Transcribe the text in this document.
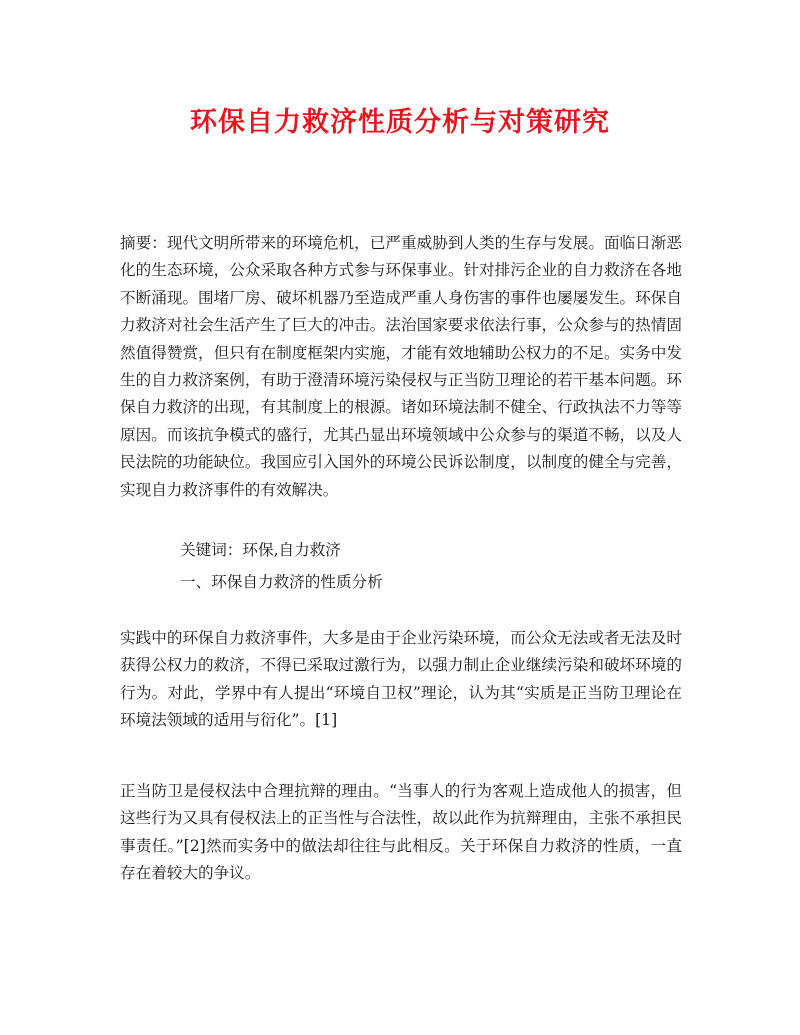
环保自力救济性质分析与对策研究
摘要：现代文明所带来的环境危机，已严重威胁到人类的生存与发展。面临日渐恶化的生态环境，公众采取各种方式参与环保事业。针对排污企业的自力救济在各地不断涌现。围堵厂房、破坏机器乃至造成严重人身伤害的事件也屡屡发生。环保自力救济对社会生活产生了巨大的冲击。法治国家要求依法行事，公众参与的热情固然值得赞赏，但只有在制度框架内实施，才能有效地辅助公权力的不足。实务中发生的自力救济案例，有助于澄清环境污染侵权与正当防卫理论的若干基本问题。环保自力救济的出现，有其制度上的根源。诸如环境法制不健全、行政执法不力等等原因。而该抗争模式的盛行，尤其凸显出环境领域中公众参与的渠道不畅，以及人民法院的功能缺位。我国应引入国外的环境公民诉讼制度，以制度的健全与完善，实现自力救济事件的有效解决。
关键词：环保,自力救济
一、环保自力救济的性质分析
实践中的环保自力救济事件，大多是由于企业污染环境，而公众无法或者无法及时获得公权力的救济，不得已采取过激行为，以强力制止企业继续污染和破坏环境的行为。对此，学界中有人提出“环境自卫权”理论，认为其“实质是正当防卫理论在环境法领域的适用与衍化”。[1]
正当防卫是侵权法中合理抗辩的理由。“当事人的行为客观上造成他人的损害，但这些行为又具有侵权法上的正当性与合法性，故以此作为抗辩理由，主张不承担民事责任。”[2]然而实务中的做法却往往与此相反。关于环保自力救济的性质，一直存在着较大的争议。
